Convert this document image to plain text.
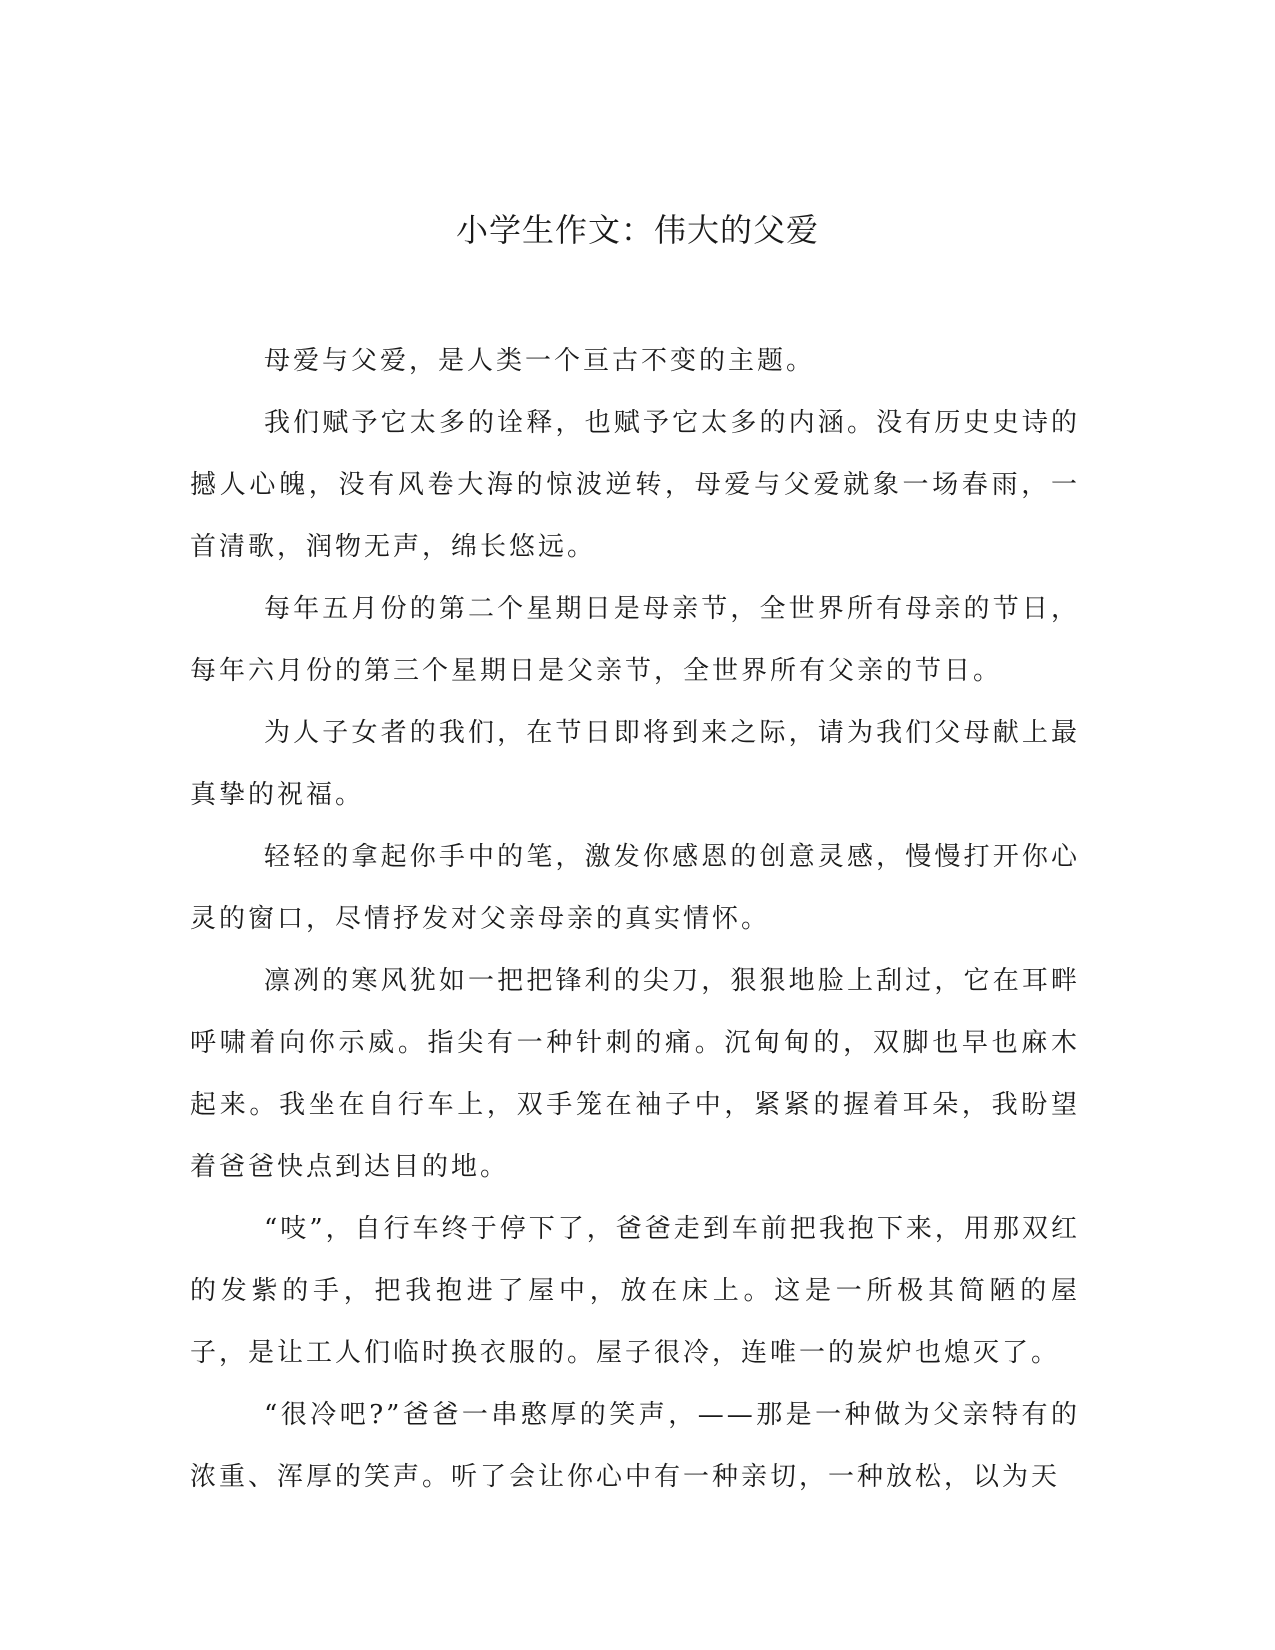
小学生作文：伟大的父爱

母爱与父爱，是人类一个亘古不变的主题。

我们赋予它太多的诠释，也赋予它太多的内涵。没有历史史诗的撼人心魄，没有风卷大海的惊波逆转，母爱与父爱就象一场春雨，一首清歌，润物无声，绵长悠远。

每年五月份的第二个星期日是母亲节，全世界所有母亲的节日，每年六月份的第三个星期日是父亲节，全世界所有父亲的节日。

为人子女者的我们，在节日即将到来之际，请为我们父母献上最真挚的祝福。

轻轻的拿起你手中的笔，激发你感恩的创意灵感，慢慢打开你心灵的窗口，尽情抒发对父亲母亲的真实情怀。

凛冽的寒风犹如一把把锋利的尖刀，狠狠地脸上刮过，它在耳畔呼啸着向你示威。指尖有一种针刺的痛。沉甸甸的，双脚也早也麻木起来。我坐在自行车上，双手笼在袖子中，紧紧的握着耳朵，我盼望着爸爸快点到达目的地。

“吱”，自行车终于停下了，爸爸走到车前把我抱下来，用那双红的发紫的手，把我抱进了屋中，放在床上。这是一所极其简陋的屋子，是让工人们临时换衣服的。屋子很冷，连唯一的炭炉也熄灭了。

“很冷吧?”爸爸一串憨厚的笑声，——那是一种做为父亲特有的浓重、浑厚的笑声。听了会让你心中有一种亲切，一种放松，以为天
